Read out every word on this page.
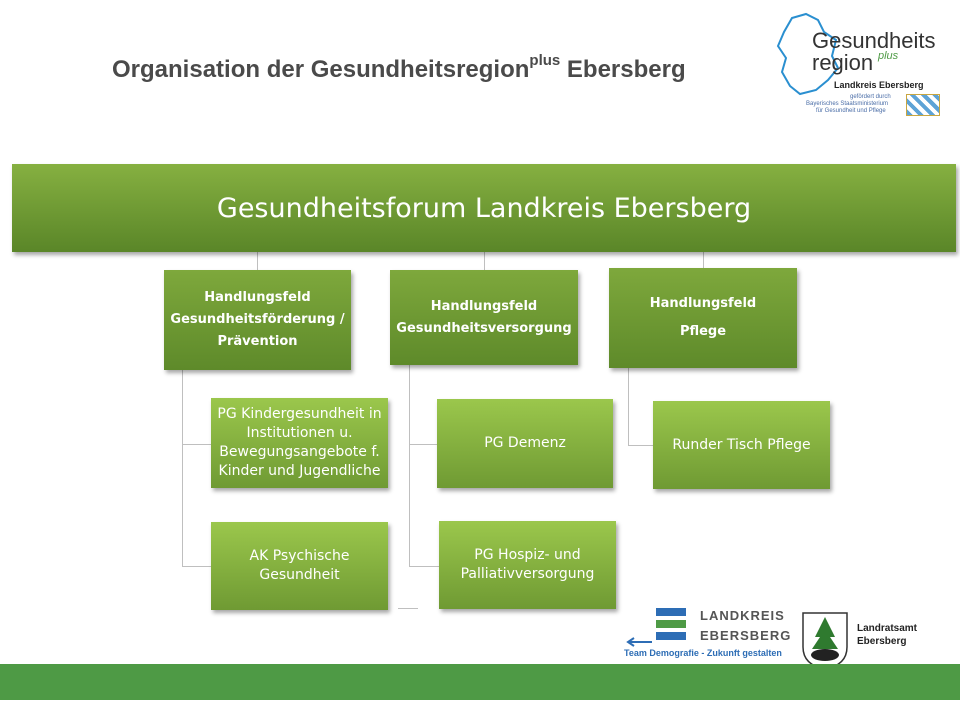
Organisation der Gesundheitsregion$^{plus}$ Ebersberg
Gesundheits
region plus
Landkreis Ebersberg
gefördert durch
Bayerisches Staatsministerium
für Gesundheit und Pflege
Gesundheitsforum Landkreis Ebersberg
Handlungsfeld
Gesundheitsförderung /
Prävention
Handlungsfeld
Gesundheitsversorgung
Handlungsfeld
Pflege
PG Kindergesundheit in
Institutionen u.
Bewegungsangebote f.
Kinder und Jugendliche
AK Psychische
Gesundheit
PG Demenz
PG Hospiz- und
Palliativversorgung
Runder Tisch Pflege
LANDKREIS
EBERSBERG
Team Demografie - Zukunft gestalten
Landratsamt
Ebersberg
